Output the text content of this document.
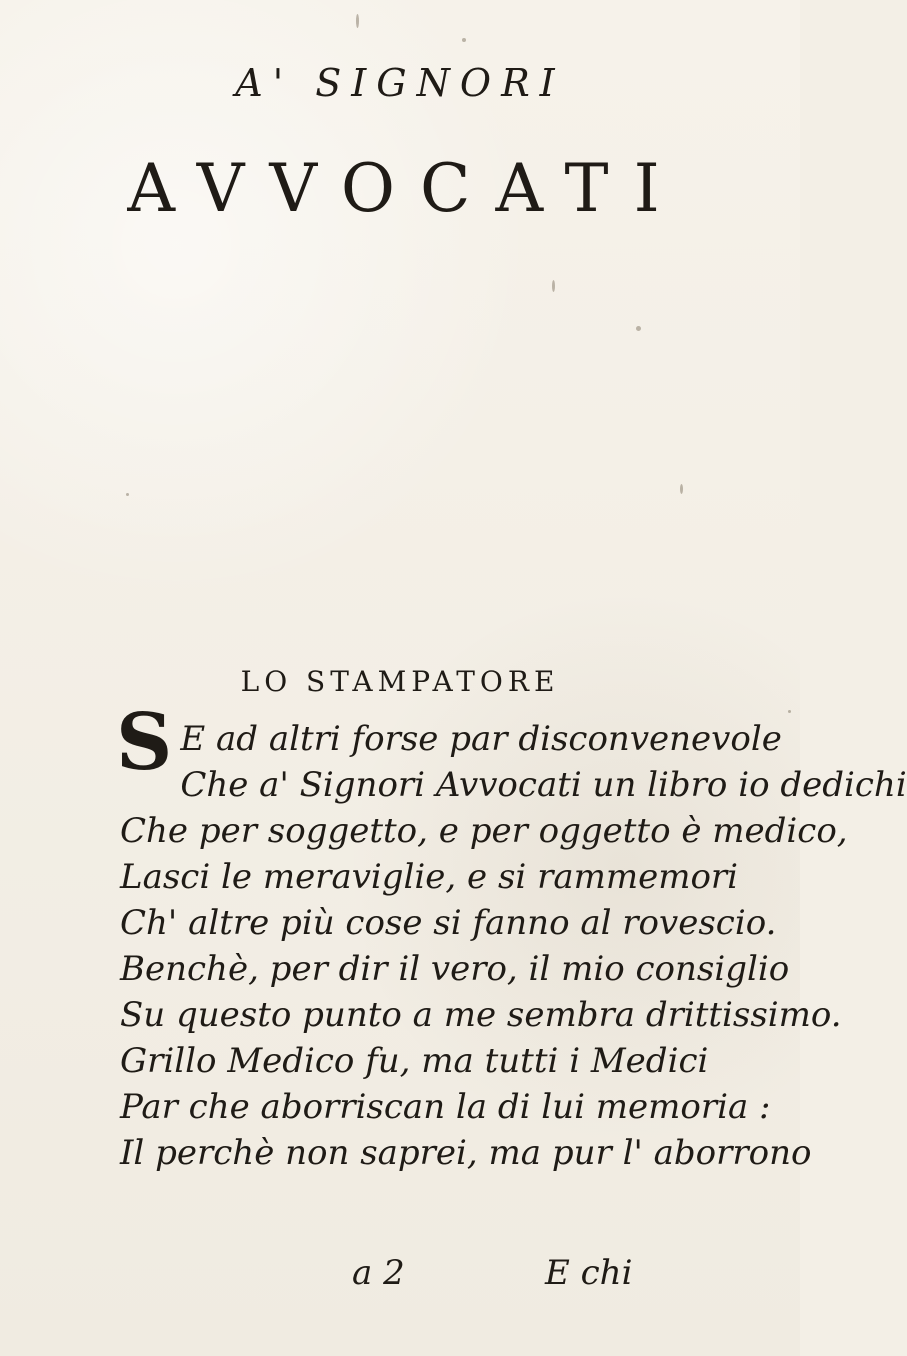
A' SIGNORI
AVVOCATI
LO STAMPATORE
S E ad altri forse par disconvenevole
Che a' Signori Avvocati un libro io dedichi
Che per soggetto, e per oggetto è medico,
Lasci le meraviglie, e si rammemori
Ch' altre più cose si fanno al rovescio.
Benchè, per dir il vero, il mio consiglio
Su questo punto a me sembra drittissimo.
Grillo Medico fu, ma tutti i Medici
Par che aborriscan la di lui memoria :
Il perchè non saprei, ma pur l' aborrono
a 2	E chi
